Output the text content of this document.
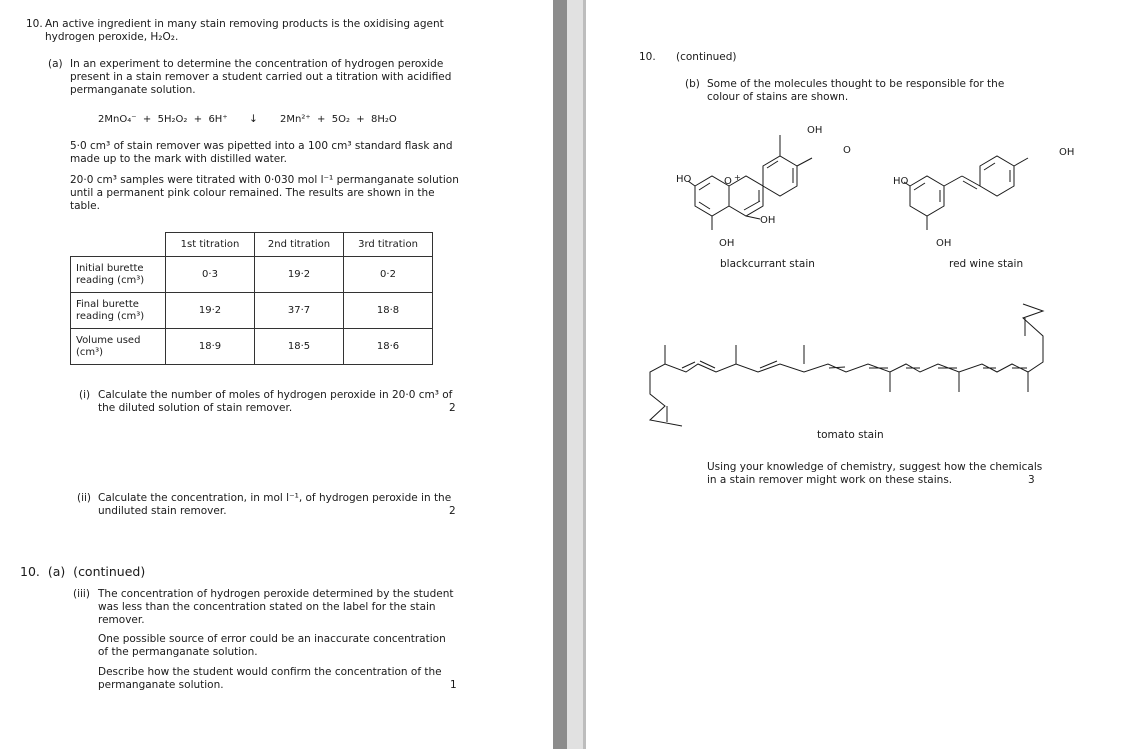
10. An active ingredient in many stain removing products is the oxidising agent
hydrogen peroxide, H₂O₂.
(a) In an experiment to determine the concentration of hydrogen peroxide
present in a stain remover a student carried out a titration with acidified
permanganate solution.
2MnO₄⁻  +  5H₂O₂  +  6H⁺ ↓ 2Mn²⁺  +  5O₂  +  8H₂O
5·0 cm³ of stain remover was pipetted into a 100 cm³ standard flask and
made up to the mark with distilled water.
20·0 cm³ samples were titrated with 0·030 mol l⁻¹ permanganate solution
until a permanent pink colour remained. The results are shown in the
table.
	1st titration	2nd titration	3rd titration
Initial burette
reading (cm³)	0·3	19·2	0·2
Final burette
reading (cm³)	19·2	37·7	18·8
Volume used
(cm³)	18·9	18·5	18·6
(i) Calculate the number of moles of hydrogen peroxide in 20·0 cm³ of
the diluted solution of stain remover.	2
(ii) Calculate the concentration, in mol l⁻¹, of hydrogen peroxide in the
undiluted stain remover.	2
10.  (a)  (continued)
(iii) The concentration of hydrogen peroxide determined by the student
was less than the concentration stated on the label for the stain
remover.
One possible source of error could be an inaccurate concentration
of the permanganate solution.
Describe how the student would confirm the concentration of the
permanganate solution.	1
10. (continued)
(b) Some of the molecules thought to be responsible for the
colour of stains are shown.
OH
HO	O
OH
OH
+
O
HO
OH
OH
blackcurrant stain	red wine stain
tomato stain
Using your knowledge of chemistry, suggest how the chemicals
in a stain remover might work on these stains.	3
